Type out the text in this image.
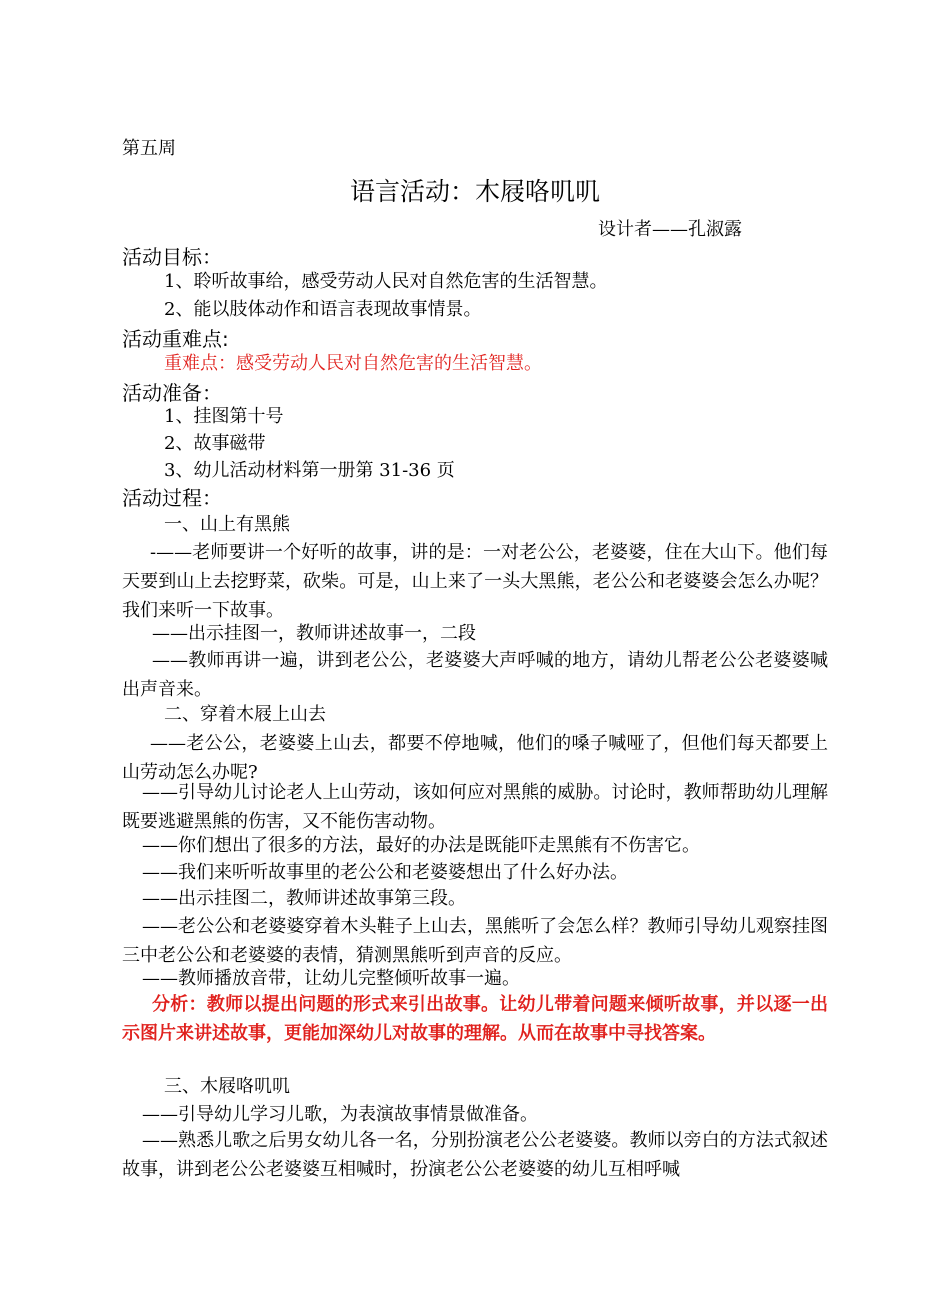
第五周
语言活动：木屐咯叽叽
设计者——孔淑露
活动目标：
1、聆听故事给，感受劳动人民对自然危害的生活智慧。
2、能以肢体动作和语言表现故事情景。
活动重难点:
重难点：感受劳动人民对自然危害的生活智慧。
活动准备：
1、挂图第十号
2、故事磁带
3、幼儿活动材料第一册第 31-36 页
活动过程：
一、山上有黑熊
-——老师要讲一个好听的故事，讲的是：一对老公公，老婆婆，住在大山下。他们每天要到山上去挖野菜，砍柴。可是，山上来了一头大黑熊，老公公和老婆婆会怎么办呢？我们来听一下故事。
——出示挂图一，教师讲述故事一，二段
——教师再讲一遍，讲到老公公，老婆婆大声呼喊的地方，请幼儿帮老公公老婆婆喊出声音来。
二、穿着木屐上山去
——老公公，老婆婆上山去，都要不停地喊，他们的嗓子喊哑了，但他们每天都要上山劳动怎么办呢?
——引导幼儿讨论老人上山劳动，该如何应对黑熊的威胁。讨论时，教师帮助幼儿理解既要逃避黑熊的伤害，又不能伤害动物。
——你们想出了很多的方法，最好的办法是既能吓走黑熊有不伤害它。
——我们来听听故事里的老公公和老婆婆想出了什么好办法。
——出示挂图二，教师讲述故事第三段。
——老公公和老婆婆穿着木头鞋子上山去，黑熊听了会怎么样？教师引导幼儿观察挂图三中老公公和老婆婆的表情，猜测黑熊听到声音的反应。
——教师播放音带，让幼儿完整倾听故事一遍。
分析：教师以提出问题的形式来引出故事。让幼儿带着问题来倾听故事，并以逐一出示图片来讲述故事，更能加深幼儿对故事的理解。从而在故事中寻找答案。
三、木屐咯叽叽
——引导幼儿学习儿歌，为表演故事情景做准备。
——熟悉儿歌之后男女幼儿各一名，分别扮演老公公老婆婆。教师以旁白的方法式叙述故事，讲到老公公老婆婆互相喊时，扮演老公公老婆婆的幼儿互相呼喊
